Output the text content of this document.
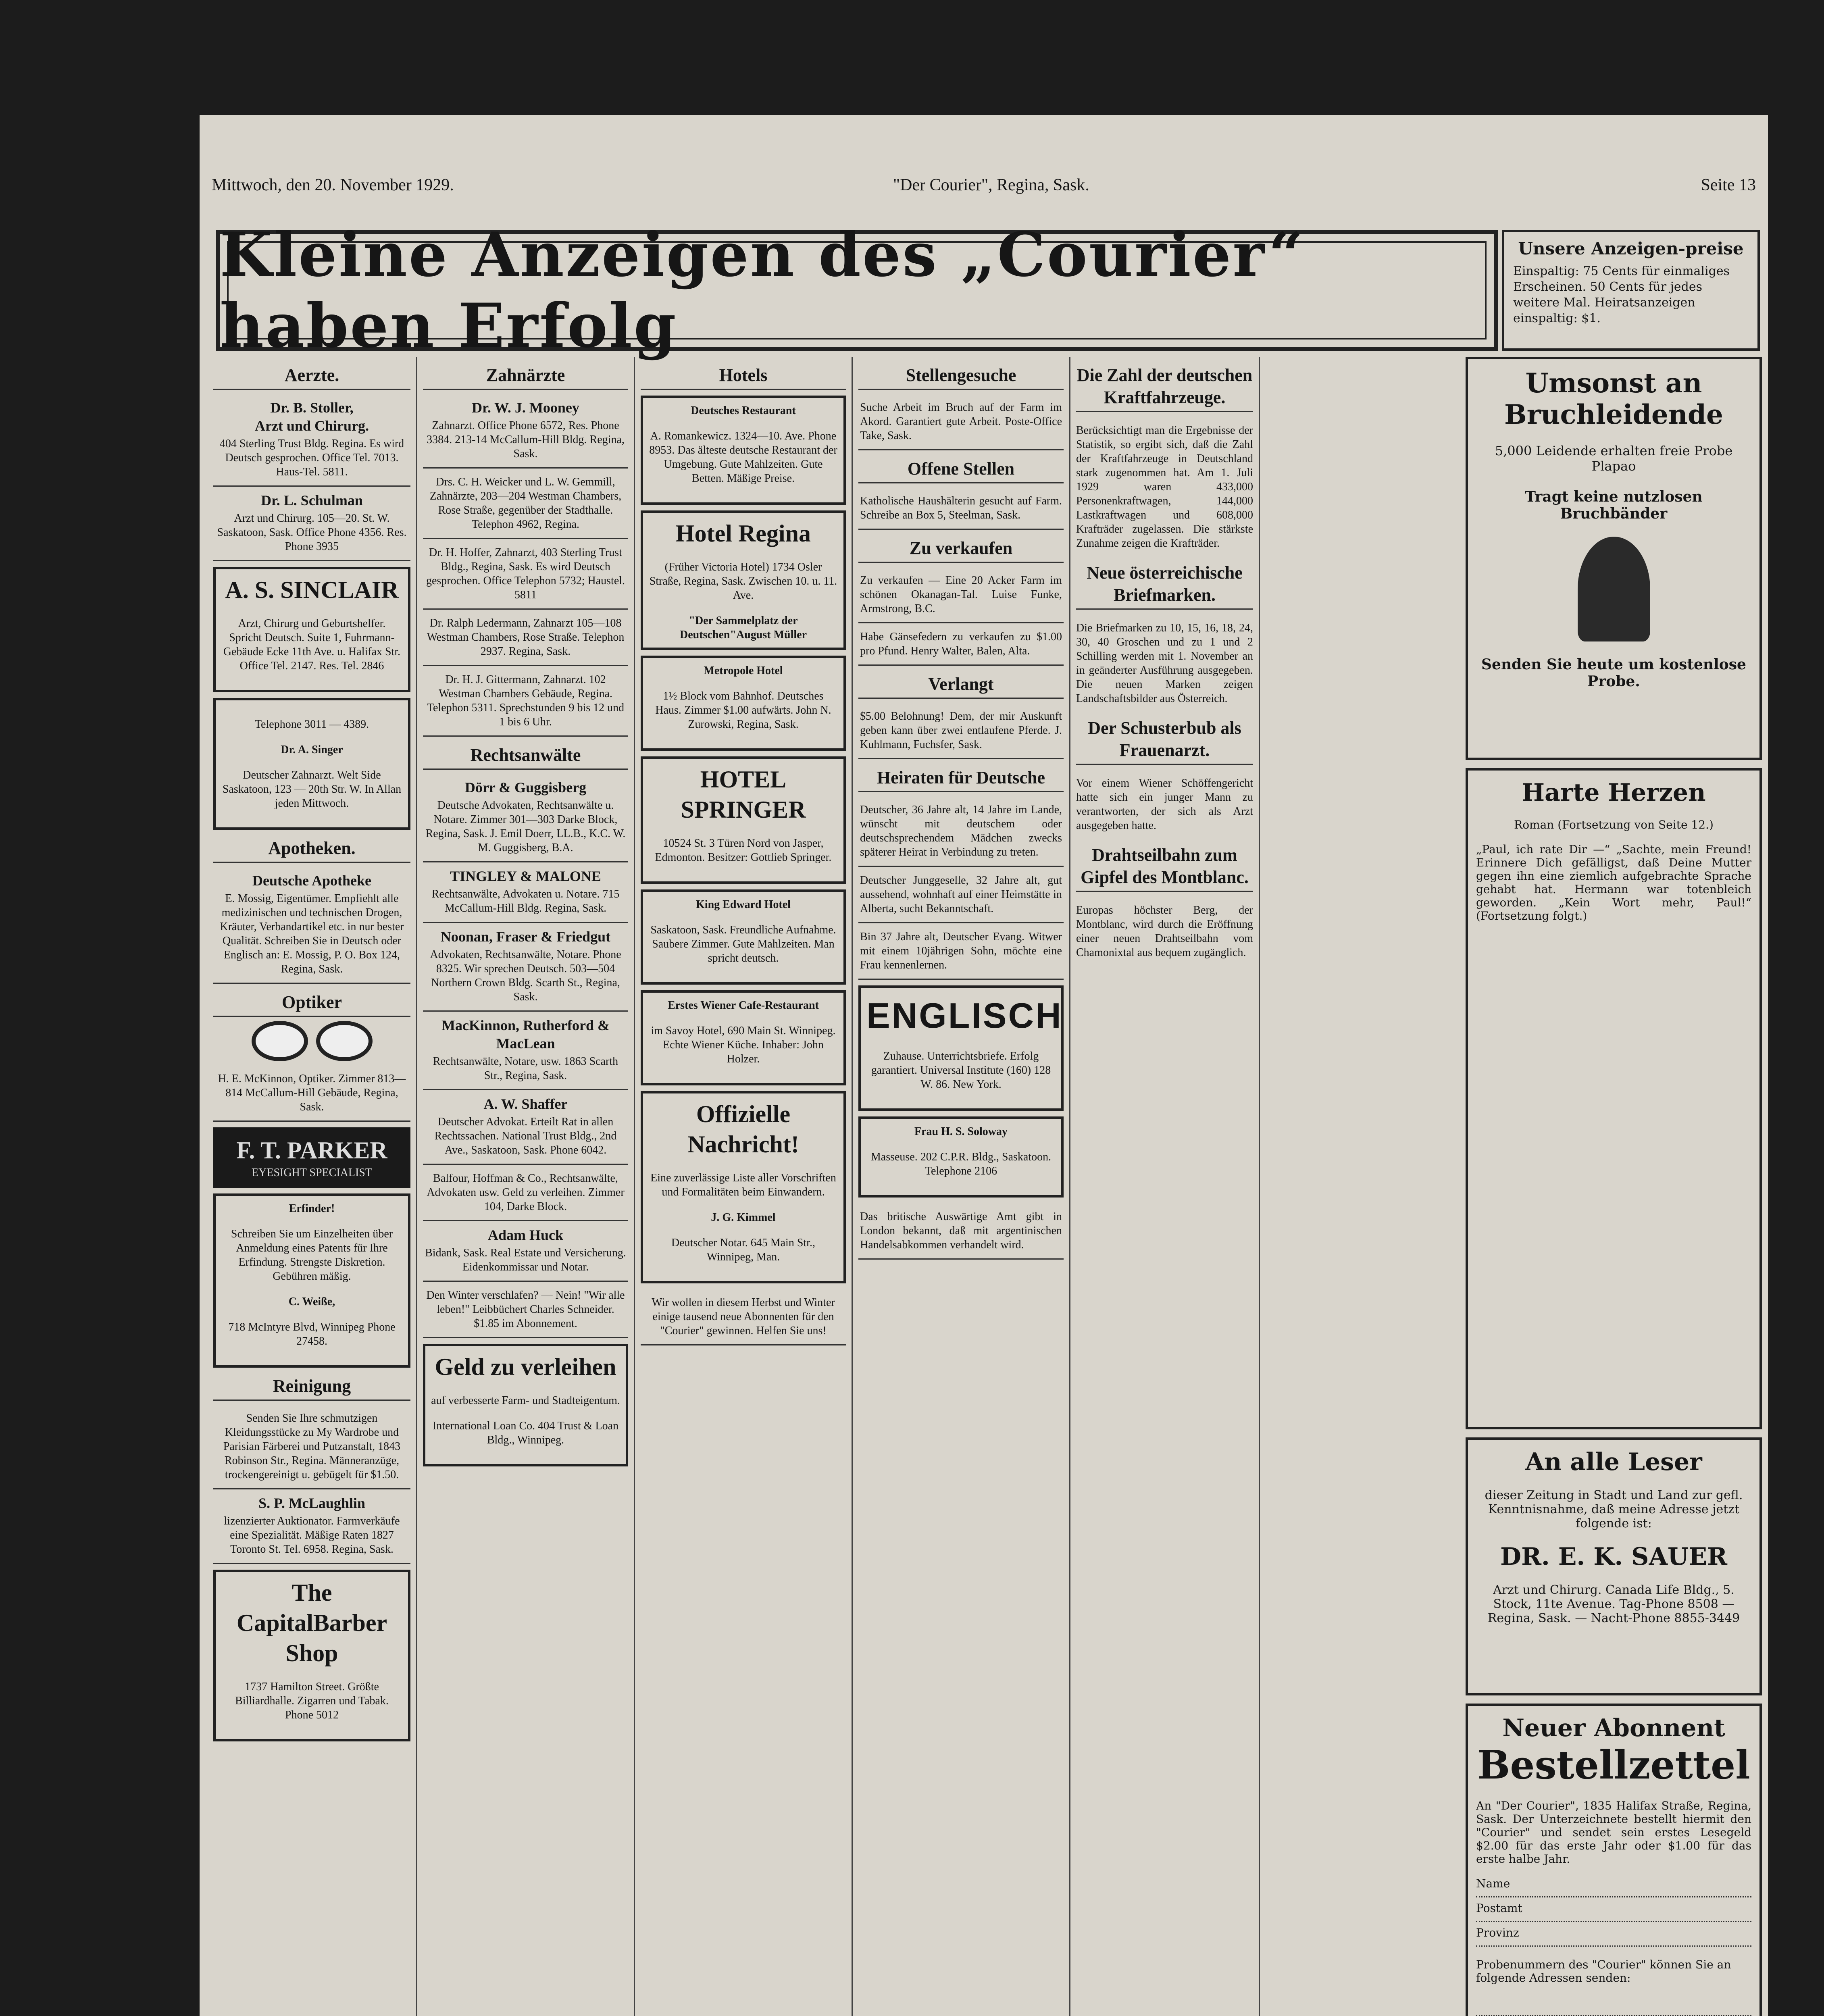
Mittwoch, den 20. November 1929.	"Der Courier", Regina, Sask.	Seite 13
Kleine Anzeigen des „Courier“ haben Erfolg
Unsere Anzeigen-preise
Einspaltig: 75 Cents für einmaliges Erscheinen. 50 Cents für jedes weitere Mal. Heiratsanzeigen einspaltig: $1.
Aerzte.
Dr. B. Stoller,
Arzt und Chirurg.

404 Sterling Trust Bldg. Regina. Es wird Deutsch gesprochen. Office Tel. 7013. Haus-Tel. 5811.

Dr. L. Schulman

Arzt und Chirurg. 105—20. St. W. Saskatoon, Sask. Office Phone 4356. Res. Phone 3935

A. S. SINCLAIR

Arzt, Chirurg und Geburtshelfer. Spricht Deutsch. Suite 1, Fuhrmann-Gebäude Ecke 11th Ave. u. Halifax Str. Office Tel. 2147. Res. Tel. 2846

Telephone 3011 — 4389.

Dr. A. Singer

Deutscher Zahnarzt. Welt Side Saskatoon, 123 — 20th Str. W. In Allan jeden Mittwoch.

Apotheken.
Deutsche Apotheke

E. Mossig, Eigentümer. Empfiehlt alle medizinischen und technischen Drogen, Kräuter, Verbandartikel etc. in nur bester Qualität. Schreiben Sie in Deutsch oder Englisch an: E. Mossig, P. O. Box 124, Regina, Sask.

Optiker

H. E. McKinnon, Optiker. Zimmer 813—814 McCallum-Hill Gebäude, Regina, Sask.

F. T. PARKER
EYESIGHT SPECIALIST
Erfinder!

Schreiben Sie um Einzelheiten über Anmeldung eines Patents für Ihre Erfindung. Strengste Diskretion. Gebühren mäßig.

C. Weiße,

718 McIntyre Blvd, Winnipeg Phone 27458.

Reinigung

Senden Sie Ihre schmutzigen Kleidungsstücke zu My Wardrobe und Parisian Färberei und Putzanstalt, 1843 Robinson Str., Regina. Männeranzüge, trockengereinigt u. gebügelt für $1.50.

S. P. McLaughlin

lizenzierter Auktionator. Farmverkäufe eine Spezialität. Mäßige Raten 1827 Toronto St. Tel. 6958. Regina, Sask.

The CapitalBarber Shop

1737 Hamilton Street. Größte Billiardhalle. Zigarren und Tabak. Phone 5012

Zahnärzte
Dr. W. J. Mooney

Zahnarzt. Office Phone 6572, Res. Phone 3384. 213-14 McCallum-Hill Bldg. Regina, Sask.

Drs. C. H. Weicker und L. W. Gemmill, Zahnärzte, 203—204 Westman Chambers, Rose Straße, gegenüber der Stadthalle. Telephon 4962, Regina.

Dr. H. Hoffer, Zahnarzt, 403 Sterling Trust Bldg., Regina, Sask. Es wird Deutsch gesprochen. Office Telephon 5732; Haustel. 5811

Dr. Ralph Ledermann, Zahnarzt 105—108 Westman Chambers, Rose Straße. Telephon 2937. Regina, Sask.

Dr. H. J. Gittermann, Zahnarzt. 102 Westman Chambers Gebäude, Regina. Telephon 5311. Sprechstunden 9 bis 12 und 1 bis 6 Uhr.

Rechtsanwälte
Dörr & Guggisberg

Deutsche Advokaten, Rechtsanwälte u. Notare. Zimmer 301—303 Darke Block, Regina, Sask. J. Emil Doerr, LL.B., K.C. W. M. Guggisberg, B.A.

TINGLEY & MALONE

Rechtsanwälte, Advokaten u. Notare. 715 McCallum-Hill Bldg. Regina, Sask.

Noonan, Fraser & Friedgut

Advokaten, Rechtsanwälte, Notare. Phone 8325. Wir sprechen Deutsch. 503—504 Northern Crown Bldg. Scarth St., Regina, Sask.

MacKinnon, Rutherford & MacLean

Rechtsanwälte, Notare, usw. 1863 Scarth Str., Regina, Sask.

A. W. Shaffer

Deutscher Advokat. Erteilt Rat in allen Rechtssachen. National Trust Bldg., 2nd Ave., Saskatoon, Sask. Phone 6042.

Balfour, Hoffman & Co., Rechtsanwälte, Advokaten usw. Geld zu verleihen. Zimmer 104, Darke Block.

Adam Huck

Bidank, Sask. Real Estate und Versicherung. Eidenkommissar und Notar.

Den Winter verschlafen? — Nein! "Wir alle leben!" Leibbüchert Charles Schneider. $1.85 im Abonnement.

Geld zu verleihen

auf verbesserte Farm- und Stadteigentum.

International Loan Co. 404 Trust & Loan Bldg., Winnipeg.

Hotels
Deutsches Restaurant

A. Romankewicz. 1324—10. Ave. Phone 8953. Das älteste deutsche Restaurant der Umgebung. Gute Mahlzeiten. Gute Betten. Mäßige Preise.

Hotel Regina

(Früher Victoria Hotel) 1734 Osler Straße, Regina, Sask. Zwischen 10. u. 11. Ave.

"Der Sammelplatz der Deutschen"August Müller
Metropole Hotel

1½ Block vom Bahnhof. Deutsches Haus. Zimmer $1.00 aufwärts. John N. Zurowski, Regina, Sask.

HOTEL SPRINGER

10524 St. 3 Türen Nord von Jasper, Edmonton. Besitzer: Gottlieb Springer.

King Edward Hotel

Saskatoon, Sask. Freundliche Aufnahme. Saubere Zimmer. Gute Mahlzeiten. Man spricht deutsch.

Erstes Wiener Cafe-Restaurant

im Savoy Hotel, 690 Main St. Winnipeg. Echte Wiener Küche. Inhaber: John Holzer.

Offizielle Nachricht!

Eine zuverlässige Liste aller Vorschriften und Formalitäten beim Einwandern.

J. G. Kimmel

Deutscher Notar. 645 Main Str., Winnipeg, Man.

Wir wollen in diesem Herbst und Winter einige tausend neue Abonnenten für den "Courier" gewinnen. Helfen Sie uns!

Stellengesuche

Suche Arbeit im Bruch auf der Farm im Akord. Garantiert gute Arbeit. Poste-Office Take, Sask.

Offene Stellen

Katholische Haushälterin gesucht auf Farm. Schreibe an Box 5, Steelman, Sask.

Zu verkaufen

Zu verkaufen — Eine 20 Acker Farm im schönen Okanagan-Tal. Luise Funke, Armstrong, B.C.

Habe Gänsefedern zu verkaufen zu $1.00 pro Pfund. Henry Walter, Balen, Alta.

Verlangt

$5.00 Belohnung! Dem, der mir Auskunft geben kann über zwei entlaufene Pferde. J. Kuhlmann, Fuchsfer, Sask.

Heiraten für Deutsche

Deutscher, 36 Jahre alt, 14 Jahre im Lande, wünscht mit deutschem oder deutschsprechendem Mädchen zwecks späterer Heirat in Verbindung zu treten.

Deutscher Junggeselle, 32 Jahre alt, gut aussehend, wohnhaft auf einer Heimstätte in Alberta, sucht Bekanntschaft.

Bin 37 Jahre alt, Deutscher Evang. Witwer mit einem 10jährigen Sohn, möchte eine Frau kennenlernen.

ENGLISCH

Zuhause. Unterrichtsbriefe. Erfolg garantiert. Universal Institute (160) 128 W. 86. New York.

Frau H. S. Soloway

Masseuse. 202 C.P.R. Bldg., Saskatoon. Telephone 2106

Das britische Auswärtige Amt gibt in London bekannt, daß mit argentinischen Handelsabkommen verhandelt wird.

Die Zahl der deutschen Kraftfahrzeuge.

Berücksichtigt man die Ergebnisse der Statistik, so ergibt sich, daß die Zahl der Kraftfahrzeuge in Deutschland stark zugenommen hat. Am 1. Juli 1929 waren 433,000 Personenkraftwagen, 144,000 Lastkraftwagen und 608,000 Krafträder zugelassen. Die stärkste Zunahme zeigen die Krafträder.

Neue österreichische Briefmarken.

Die Briefmarken zu 10, 15, 16, 18, 24, 30, 40 Groschen und zu 1 und 2 Schilling werden mit 1. November an in geänderter Ausführung ausgegeben. Die neuen Marken zeigen Landschaftsbilder aus Österreich.

Der Schusterbub als Frauenarzt.

Vor einem Wiener Schöffengericht hatte sich ein junger Mann zu verantworten, der sich als Arzt ausgegeben hatte.

Drahtseilbahn zum Gipfel des Montblanc.

Europas höchster Berg, der Montblanc, wird durch die Eröffnung einer neuen Drahtseilbahn vom Chamonixtal aus bequem zugänglich.

Umsonst an Bruchleidende

5,000 Leidende erhalten freie Probe Plapao

Tragt keine nutzlosen Bruchbänder

Senden Sie heute um kostenlose Probe.

Harte Herzen

Roman (Fortsetzung von Seite 12.)

„Paul, ich rate Dir —“ „Sachte, mein Freund! Erinnere Dich gefälligst, daß Deine Mutter gegen ihn eine ziemlich aufgebrachte Sprache gehabt hat. Hermann war totenbleich geworden. „Kein Wort mehr, Paul!“ (Fortsetzung folgt.)

An alle Leser

dieser Zeitung in Stadt und Land zur gefl. Kenntnisnahme, daß meine Adresse jetzt folgende ist:

DR. E. K. SAUER

Arzt und Chirurg. Canada Life Bldg., 5. Stock, 11te Avenue. Tag-Phone 8508 — Regina, Sask. — Nacht-Phone 8855-3449

Neuer Abonnent
Bestellzettel

An "Der Courier", 1835 Halifax Straße, Regina, Sask. Der Unterzeichnete bestellt hiermit den "Courier" und sendet sein erstes Lesegeld $2.00 für das erste Jahr oder $1.00 für das erste halbe Jahr.

Name
Postamt
Provinz

Probenummern des "Courier" können Sie an folgende Adressen senden:
